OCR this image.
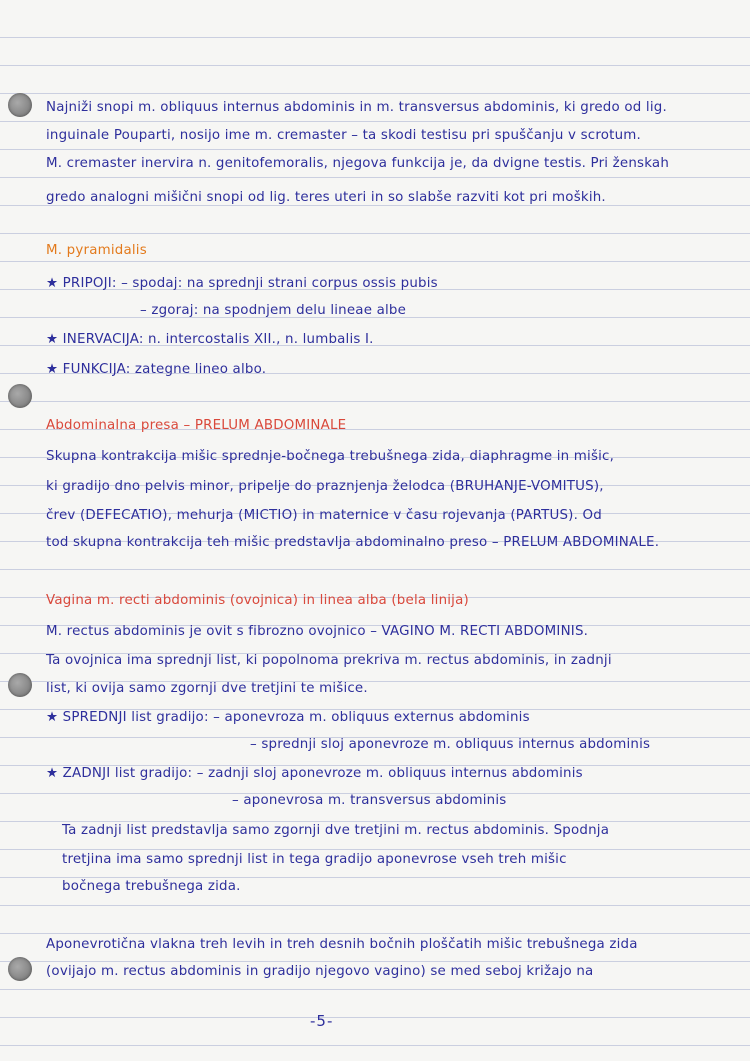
Najniži snopi m. obliquus internus abdominis in m. transversus abdominis, ki gredo od lig.
inguinale Pouparti, nosijo ime m. cremaster – ta skodi testisu pri spuščanju v scrotum.
M. cremaster inervira n. genitofemoralis, njegova funkcija je, da dvigne testis. Pri ženskah
gredo analogni mišični snopi od lig. teres uteri in so slabše razviti kot pri moških.
M. pyramidalis
★ PRIPOJI: – spodaj: na sprednji strani corpus ossis pubis
– zgoraj: na spodnjem delu lineae albe
★ INERVACIJA: n. intercostalis XII., n. lumbalis I.
★ FUNKCIJA: zategne lineo albo.
Abdominalna presa – PRELUM ABDOMINALE
Skupna kontrakcija mišic sprednje-bočnega trebušnega zida, diaphragme in mišic,
ki gradijo dno pelvis minor, pripelje do praznjenja želodca (BRUHANJE-VOMITUS),
črev (DEFECATIO), mehurja (MICTIO) in maternice v času rojevanja (PARTUS). Od
tod skupna kontrakcija teh mišic predstavlja abdominalno preso – PRELUM ABDOMINALE.
Vagina m. recti abdominis (ovojnica) in linea alba (bela linija)
M. rectus abdominis je ovit s fibrozno ovojnico – VAGINO M. RECTI ABDOMINIS.
Ta ovojnica ima sprednji list, ki popolnoma prekriva m. rectus abdominis, in zadnji
list, ki ovija samo zgornji dve tretjini te mišice.
★ SPREDNJI list gradijo: – aponevroza m. obliquus externus abdominis
– sprednji sloj aponevroze m. obliquus internus abdominis
★ ZADNJI list gradijo: – zadnji sloj aponevroze m. obliquus internus abdominis
– aponevrosa m. transversus abdominis
Ta zadnji list predstavlja samo zgornji dve tretjini m. rectus abdominis. Spodnja
tretjina ima samo sprednji list in tega gradijo aponevrose vseh treh mišic
bočnega trebušnega zida.
Aponevrotična vlakna treh levih in treh desnih bočnih ploščatih mišic trebušnega zida
(ovijajo m. rectus abdominis in gradijo njegovo vagino) se med seboj križajo na
-5-
